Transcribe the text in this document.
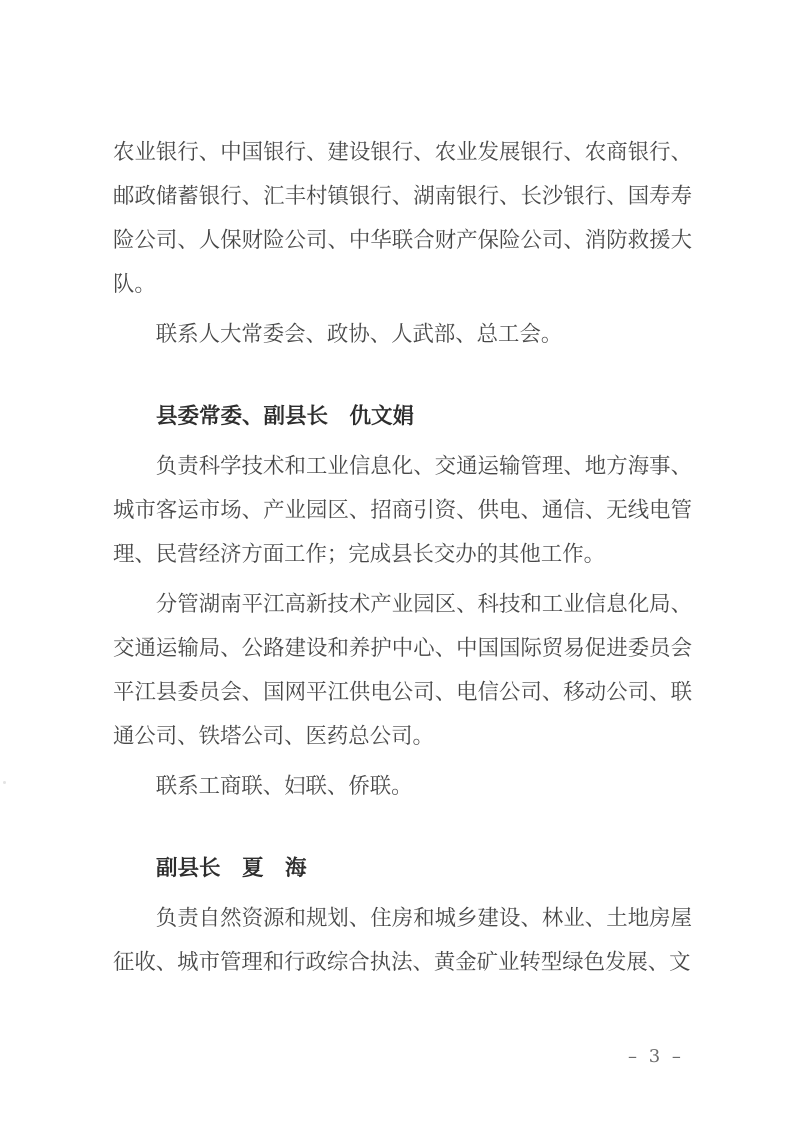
农业银行、中国银行、建设银行、农业发展银行、农商银行、邮政储蓄银行、汇丰村镇银行、湖南银行、长沙银行、国寿寿险公司、人保财险公司、中华联合财产保险公司、消防救援大队。

联系人大常委会、政协、人武部、总工会。

县委常委、副县长　仇文娟

负责科学技术和工业信息化、交通运输管理、地方海事、城市客运市场、产业园区、招商引资、供电、通信、无线电管理、民营经济方面工作；完成县长交办的其他工作。

分管湖南平江高新技术产业园区、科技和工业信息化局、交通运输局、公路建设和养护中心、中国国际贸易促进委员会平江县委员会、国网平江供电公司、电信公司、移动公司、联通公司、铁塔公司、医药总公司。

联系工商联、妇联、侨联。

副县长　夏　海

负责自然资源和规划、住房和城乡建设、林业、土地房屋征收、城市管理和行政综合执法、黄金矿业转型绿色发展、文

– 3 –
